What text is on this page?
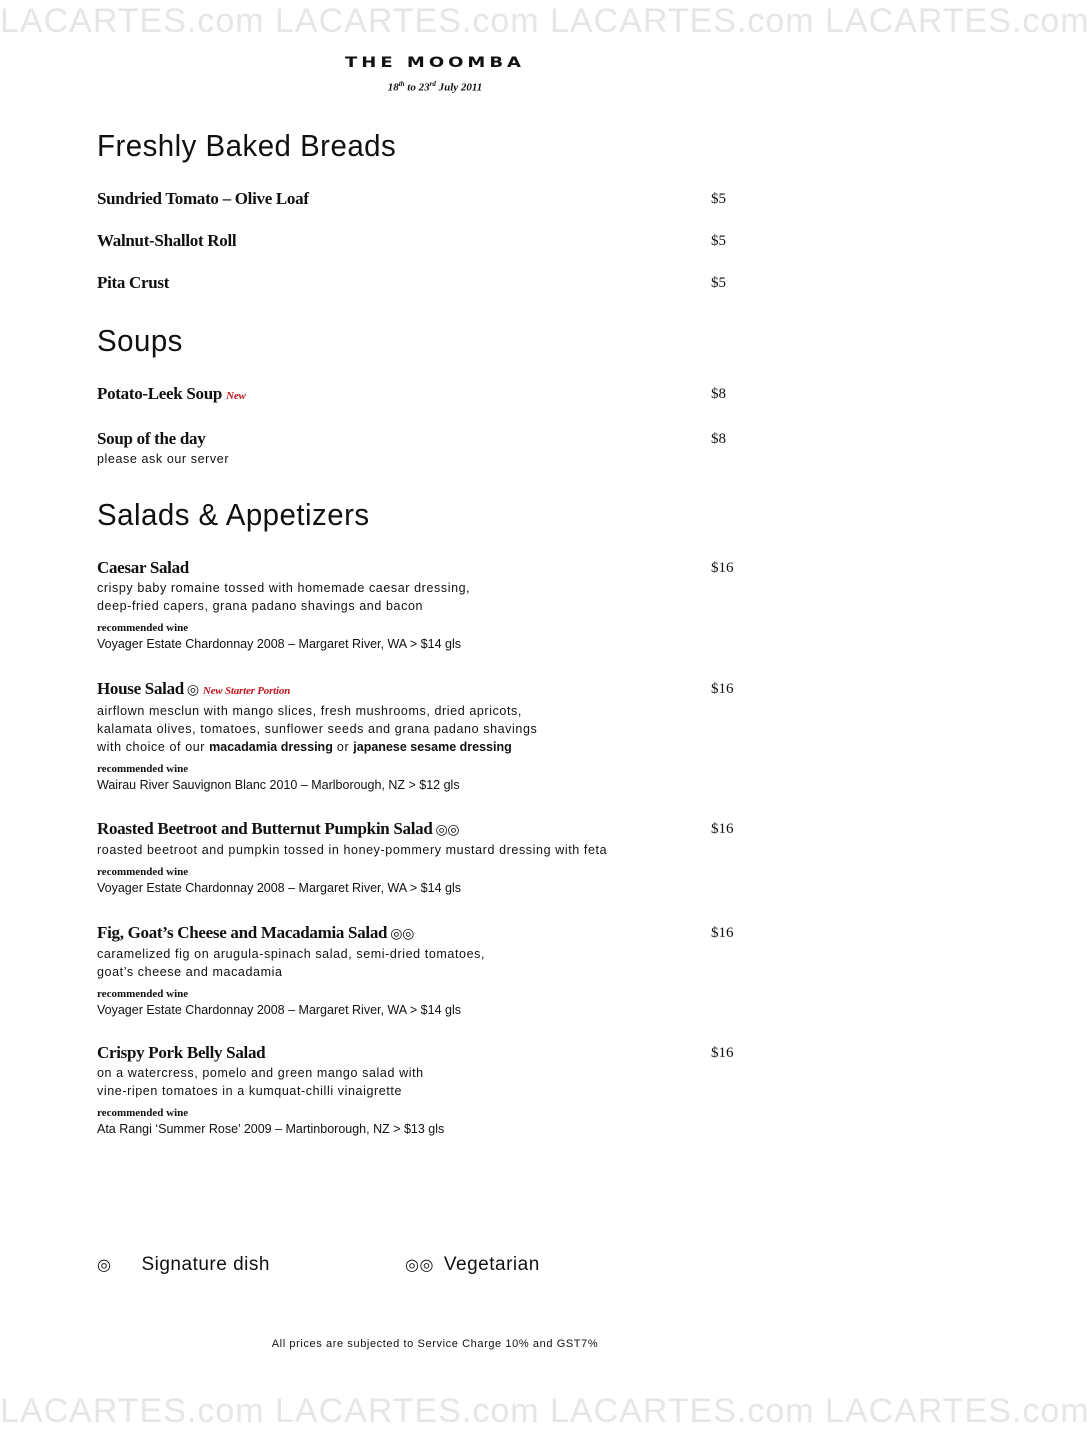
LACARTES.com LACARTES.com LACARTES.com LACARTES.com
THE MOOMBA
18th to 23rd July 2011
Freshly Baked Breads
Sundried Tomato – Olive Loaf	$5
Walnut-Shallot Roll	$5
Pita Crust	$5
Soups
Potato-Leek Soup New	$8
Soup of the day	$8
please ask our server
Salads & Appetizers
Caesar Salad	$16
crispy baby romaine tossed with homemade caesar dressing,
deep-fried capers, grana padano shavings and bacon
recommended wine
Voyager Estate Chardonnay 2008 – Margaret River, WA > $14 gls
House Salad ◎ New Starter Portion	$16
airflown mesclun with mango slices, fresh mushrooms, dried apricots,
kalamata olives, tomatoes, sunflower seeds and grana padano shavings
with choice of our macadamia dressing or japanese sesame dressing
recommended wine
Wairau River Sauvignon Blanc 2010 – Marlborough, NZ > $12 gls
Roasted Beetroot and Butternut Pumpkin Salad ◎◎	$16
roasted beetroot and pumpkin tossed in honey-pommery mustard dressing with feta
recommended wine
Voyager Estate Chardonnay 2008 – Margaret River, WA > $14 gls
Fig, Goat’s Cheese and Macadamia Salad ◎◎	$16
caramelized fig on arugula-spinach salad, semi-dried tomatoes,
goat’s cheese and macadamia
recommended wine
Voyager Estate Chardonnay 2008 – Margaret River, WA > $14 gls
Crispy Pork Belly Salad	$16
on a watercress, pomelo and green mango salad with
vine-ripen tomatoes in a kumquat-chilli vinaigrette
recommended wine
Ata Rangi ‘Summer Rose’ 2009 – Martinborough, NZ > $13 gls
◎ Signature dish	◎◎ Vegetarian
All prices are subjected to Service Charge 10% and GST7%
LACARTES.com LACARTES.com LACARTES.com LACARTES.com
